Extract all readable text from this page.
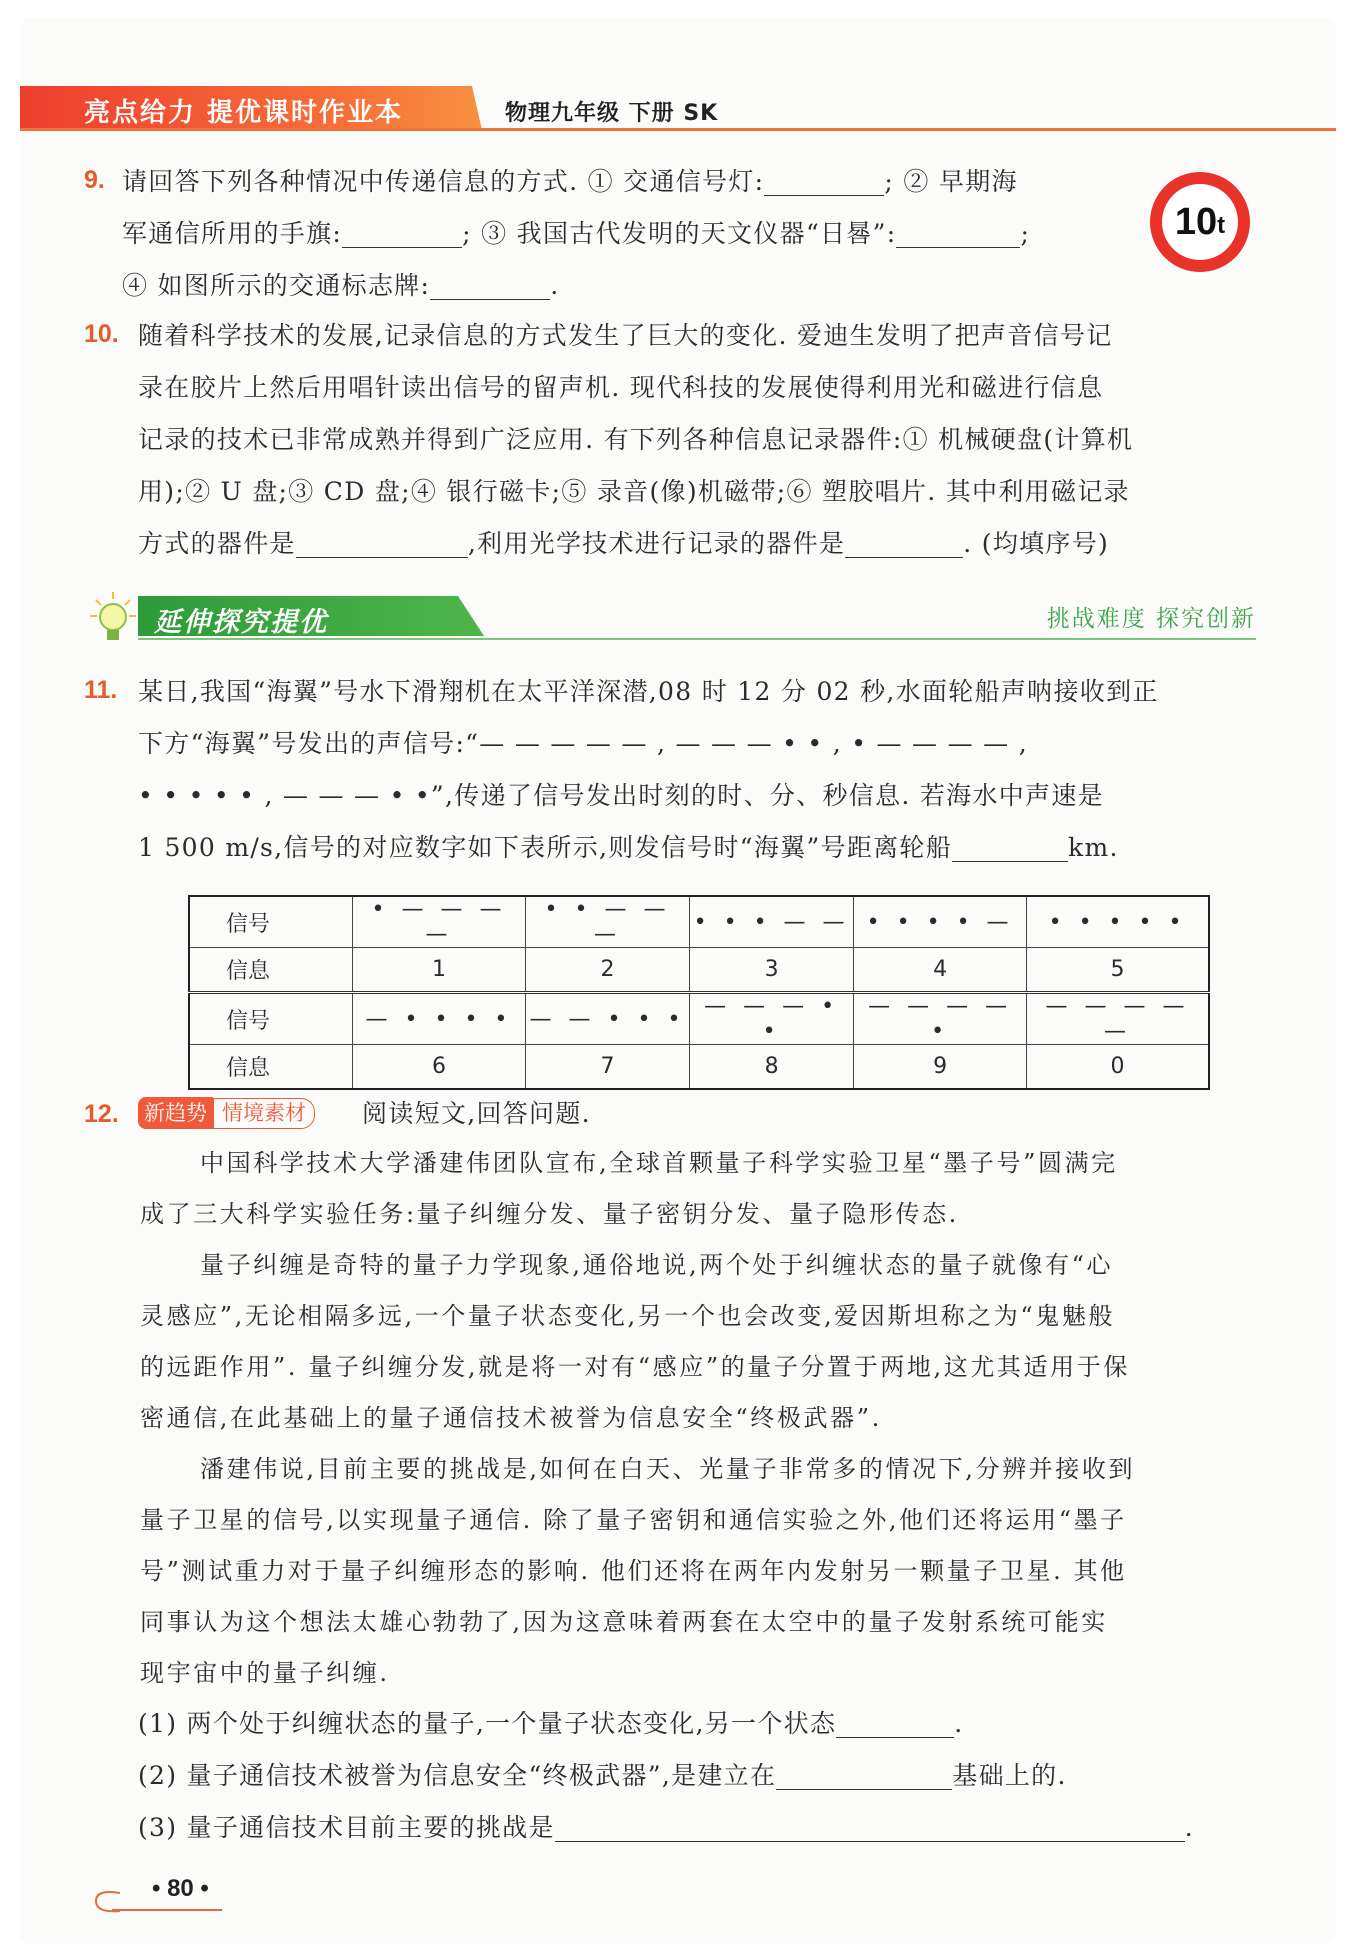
亮点给力 提优课时作业本	物理九年级 下册 SK
9. 请回答下列各种情况中传递信息的方式. ① 交通信号灯:	; ② 早期海
军通信所用的手旗:	; ③ 我国古代发明的天文仪器“日晷”:	;
④ 如图所示的交通标志牌:	.
10 t
10. 随着科学技术的发展,记录信息的方式发生了巨大的变化. 爱迪生发明了把声音信号记
录在胶片上然后用唱针读出信号的留声机. 现代科技的发展使得利用光和磁进行信息
记录的技术已非常成熟并得到广泛应用. 有下列各种信息记录器件:① 机械硬盘(计算机
用);② U 盘;③ CD 盘;④ 银行磁卡;⑤ 录音(像)机磁带;⑥ 塑胶唱片. 其中利用磁记录
方式的器件是	,利用光学技术进行记录的器件是	. (均填序号)
延伸探究提优	挑战难度 探究创新
11. 某日,我国“海翼”号水下滑翔机在太平洋深潜,08 时 12 分 02 秒,水面轮船声呐接收到正
下方“海翼”号发出的声信号:“— — — — — , — — — • • , • — — — — ,
• • • • • , — — — • •”,传递了信号发出时刻的时、分、秒信息. 若海水中声速是
1 500 m/s,信号的对应数字如下表所示,则发信号时“海翼”号距离轮船	km.
信号	• — — — —	• • — — —	• • • — —	• • • • —	• • • • •
信息	1	2	3	4	5
信号	— • • • •	— — • • •	— — — • •	— — — — •	— — — — —
信息	6	7	8	9	0
12. 新趋势 情境素材	阅读短文,回答问题.
中国科学技术大学潘建伟团队宣布,全球首颗量子科学实验卫星“墨子号”圆满完
成了三大科学实验任务:量子纠缠分发、量子密钥分发、量子隐形传态.
量子纠缠是奇特的量子力学现象,通俗地说,两个处于纠缠状态的量子就像有“心
灵感应”,无论相隔多远,一个量子状态变化,另一个也会改变,爱因斯坦称之为“鬼魅般
的远距作用”. 量子纠缠分发,就是将一对有“感应”的量子分置于两地,这尤其适用于保
密通信,在此基础上的量子通信技术被誉为信息安全“终极武器”.
潘建伟说,目前主要的挑战是,如何在白天、光量子非常多的情况下,分辨并接收到
量子卫星的信号,以实现量子通信. 除了量子密钥和通信实验之外,他们还将运用“墨子
号”测试重力对于量子纠缠形态的影响. 他们还将在两年内发射另一颗量子卫星. 其他
同事认为这个想法太雄心勃勃了,因为这意味着两套在太空中的量子发射系统可能实
现宇宙中的量子纠缠.
(1) 两个处于纠缠状态的量子,一个量子状态变化,另一个状态	.
(2) 量子通信技术被誉为信息安全“终极武器”,是建立在	基础上的.
(3) 量子通信技术目前主要的挑战是	.
• 80 •
